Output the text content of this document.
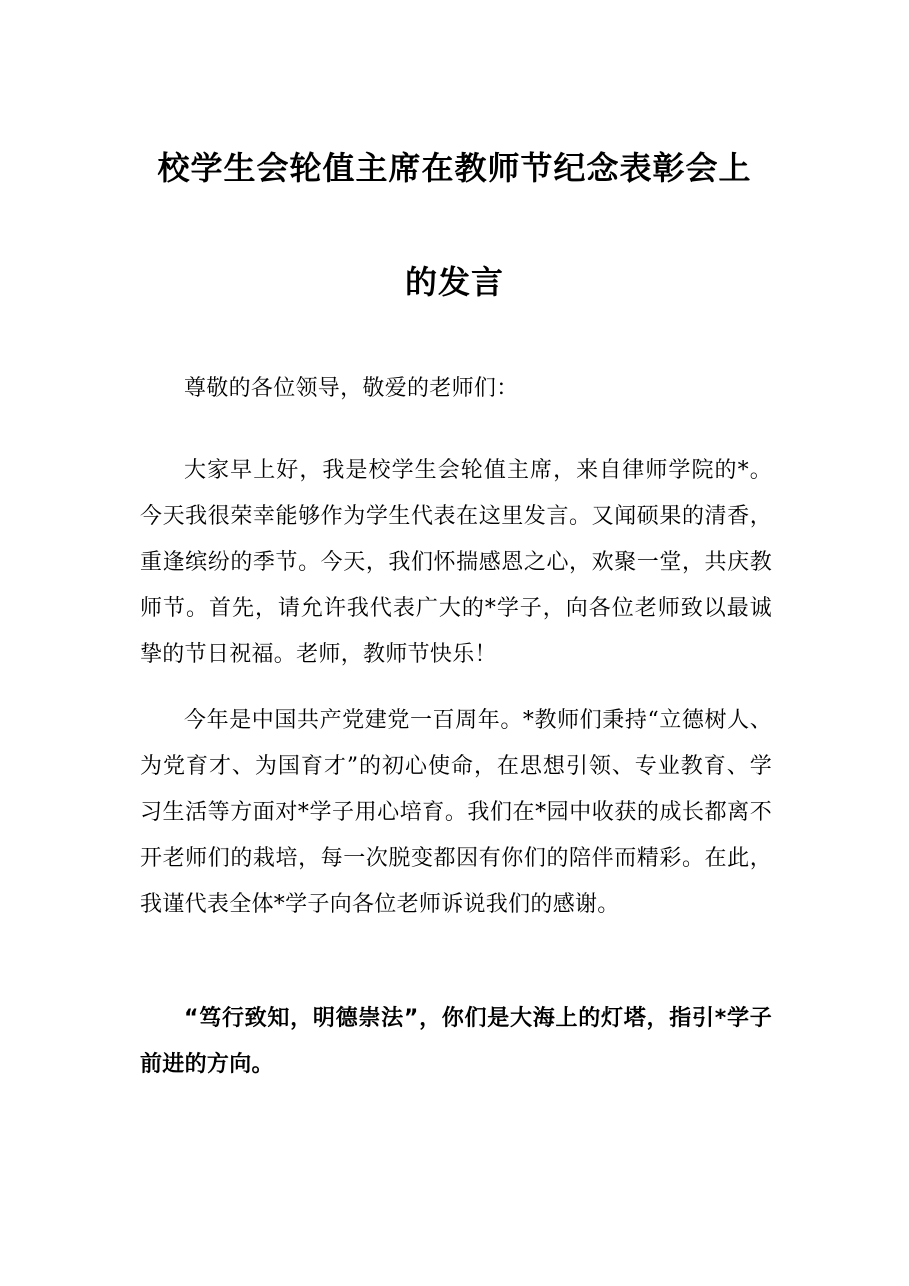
校学生会轮值主席在教师节纪念表彰会上
的发言

尊敬的各位领导，敬爱的老师们：

大家早上好，我是校学生会轮值主席，来自律师学院的*。今天我很荣幸能够作为学生代表在这里发言。又闻硕果的清香，重逢缤纷的季节。今天，我们怀揣感恩之心，欢聚一堂，共庆教师节。首先，请允许我代表广大的*学子，向各位老师致以最诚挚的节日祝福。老师，教师节快乐！

今年是中国共产党建党一百周年。*教师们秉持“立德树人、为党育才、为国育才”的初心使命，在思想引领、专业教育、学习生活等方面对*学子用心培育。我们在*园中收获的成长都离不开老师们的栽培，每一次脱变都因有你们的陪伴而精彩。在此，我谨代表全体*学子向各位老师诉说我们的感谢。

“笃行致知，明德崇法”，你们是大海上的灯塔，指引*学子前进的方向。
